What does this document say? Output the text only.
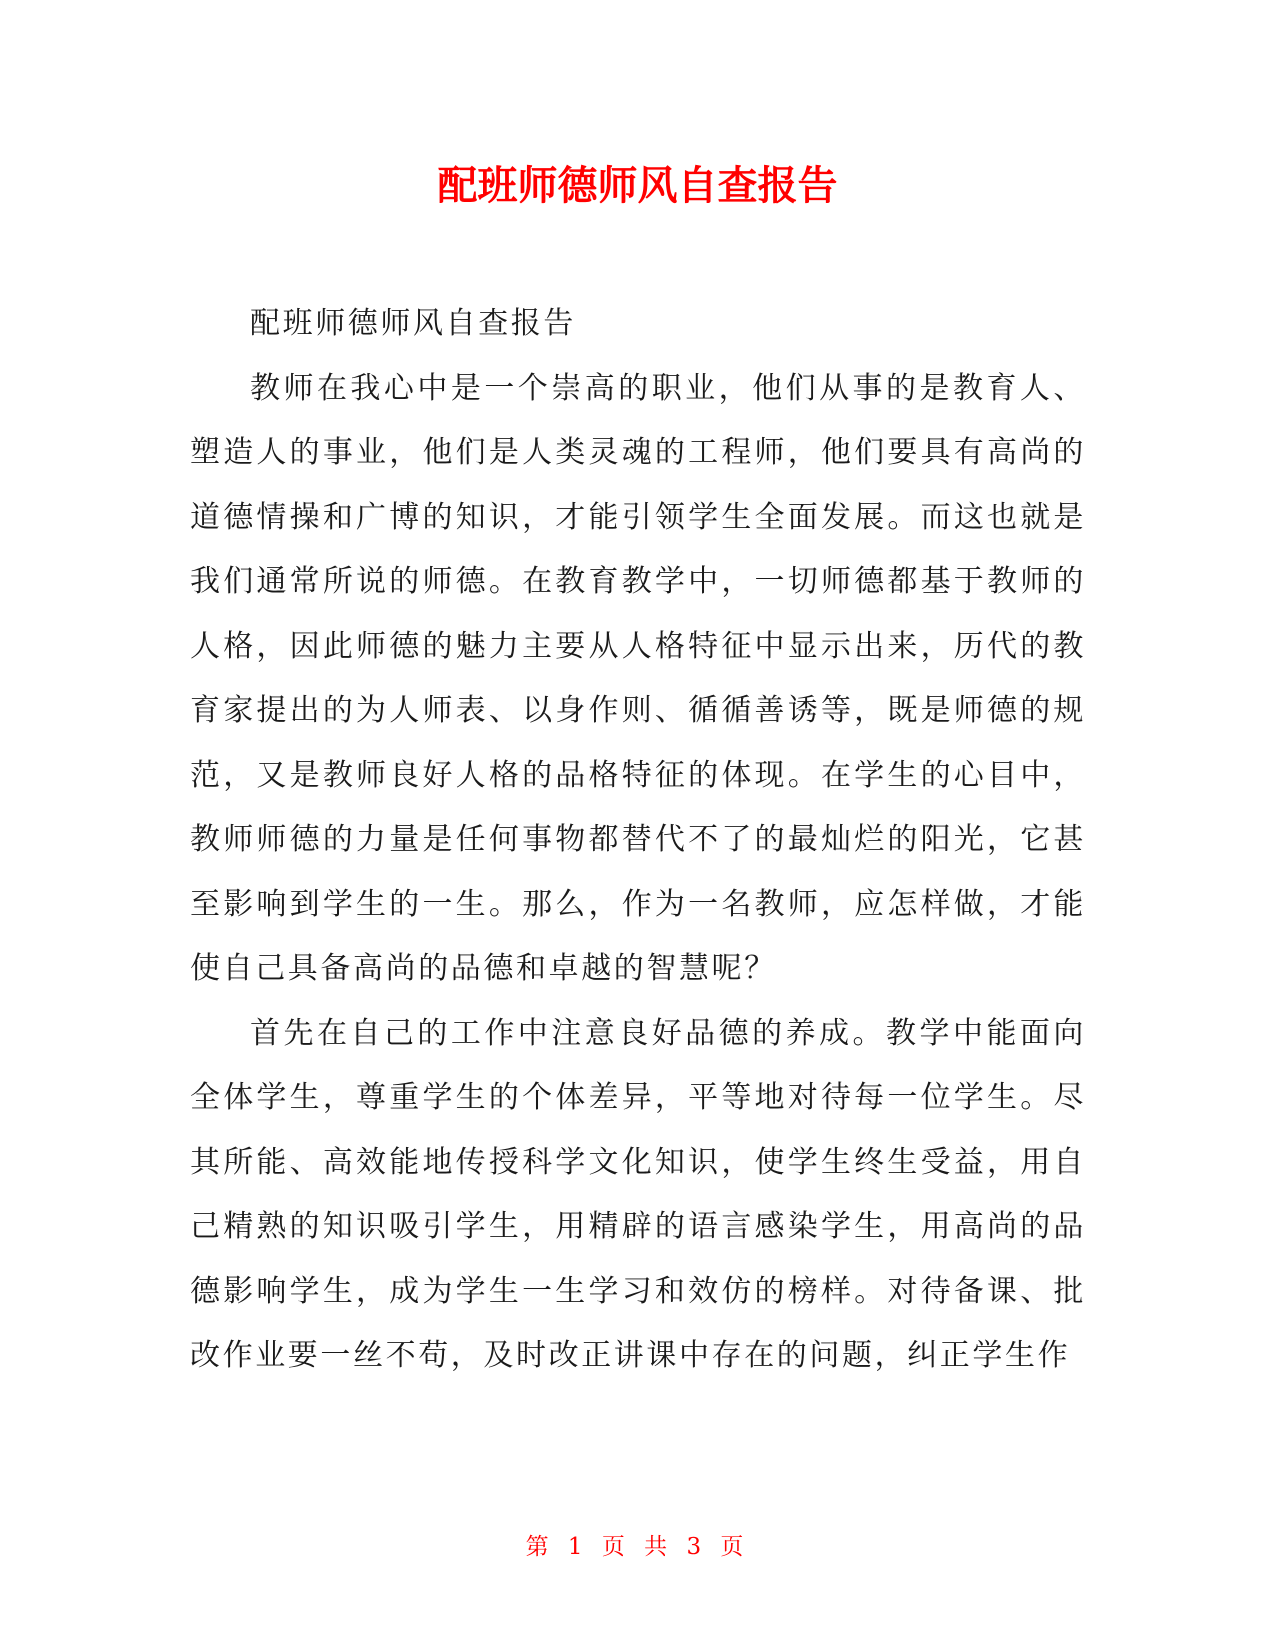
配班师德师风自查报告

配班师德师风自查报告

教师在我心中是一个崇高的职业，他们从事的是教育人、塑造人的事业，他们是人类灵魂的工程师，他们要具有高尚的道德情操和广博的知识，才能引领学生全面发展。而这也就是我们通常所说的师德。在教育教学中，一切师德都基于教师的人格，因此师德的魅力主要从人格特征中显示出来，历代的教育家提出的为人师表、以身作则、循循善诱等，既是师德的规范，又是教师良好人格的品格特征的体现。在学生的心目中，教师师德的力量是任何事物都替代不了的最灿烂的阳光，它甚至影响到学生的一生。那么，作为一名教师，应怎样做，才能使自己具备高尚的品德和卓越的智慧呢？

首先在自己的工作中注意良好品德的养成。教学中能面向全体学生，尊重学生的个体差异，平等地对待每一位学生。尽其所能、高效能地传授科学文化知识，使学生终生受益，用自己精熟的知识吸引学生，用精辟的语言感染学生，用高尚的品德影响学生，成为学生一生学习和效仿的榜样。对待备课、批改作业要一丝不苟，及时改正讲课中存在的问题，纠正学生作

第 1 页 共 3 页
